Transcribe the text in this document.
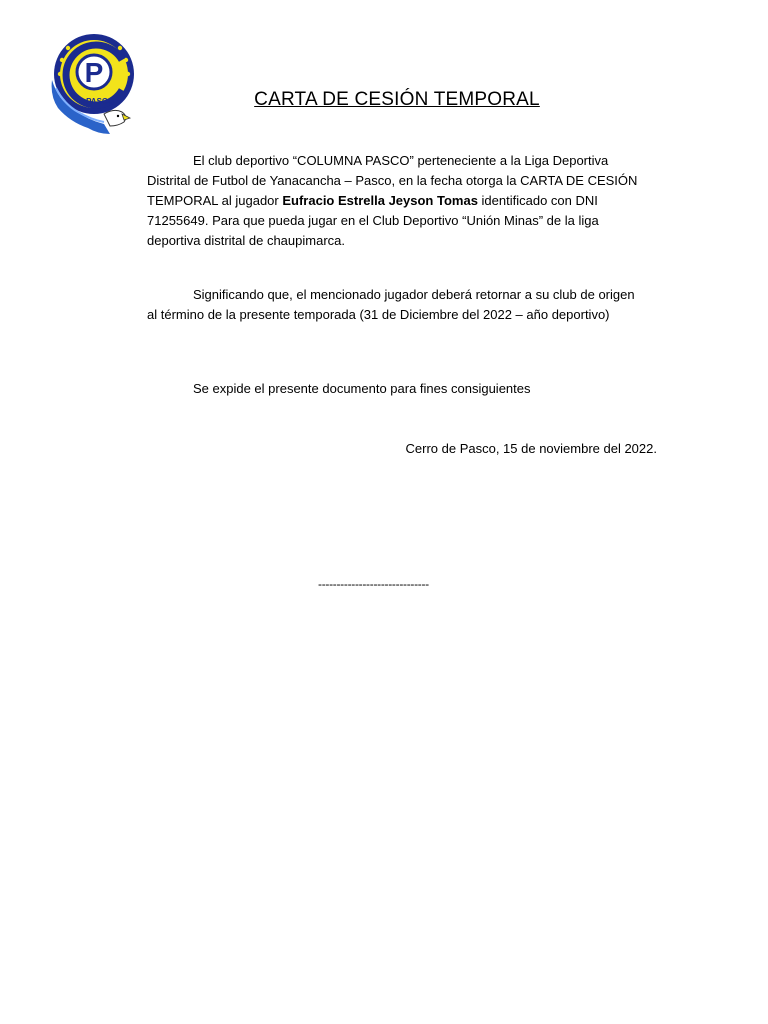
P
PASCO	CARTA DE CESIÓN TEMPORAL
El club deportivo “COLUMNA PASCO” perteneciente a la Liga Deportiva Distrital de Futbol de Yanacancha – Pasco, en la fecha otorga la CARTA DE CESIÓN TEMPORAL al jugador Eufracio Estrella Jeyson Tomas identificado con DNI 71255649. Para que pueda jugar en el Club Deportivo “Unión Minas” de la liga deportiva distrital de chaupimarca.
Significando que, el mencionado jugador deberá retornar a su club de origen al término de la presente temporada (31 de Diciembre del 2022 – año deportivo)
Se expide el presente documento para fines consiguientes
Cerro de Pasco, 15 de noviembre del 2022.
------------------------------
